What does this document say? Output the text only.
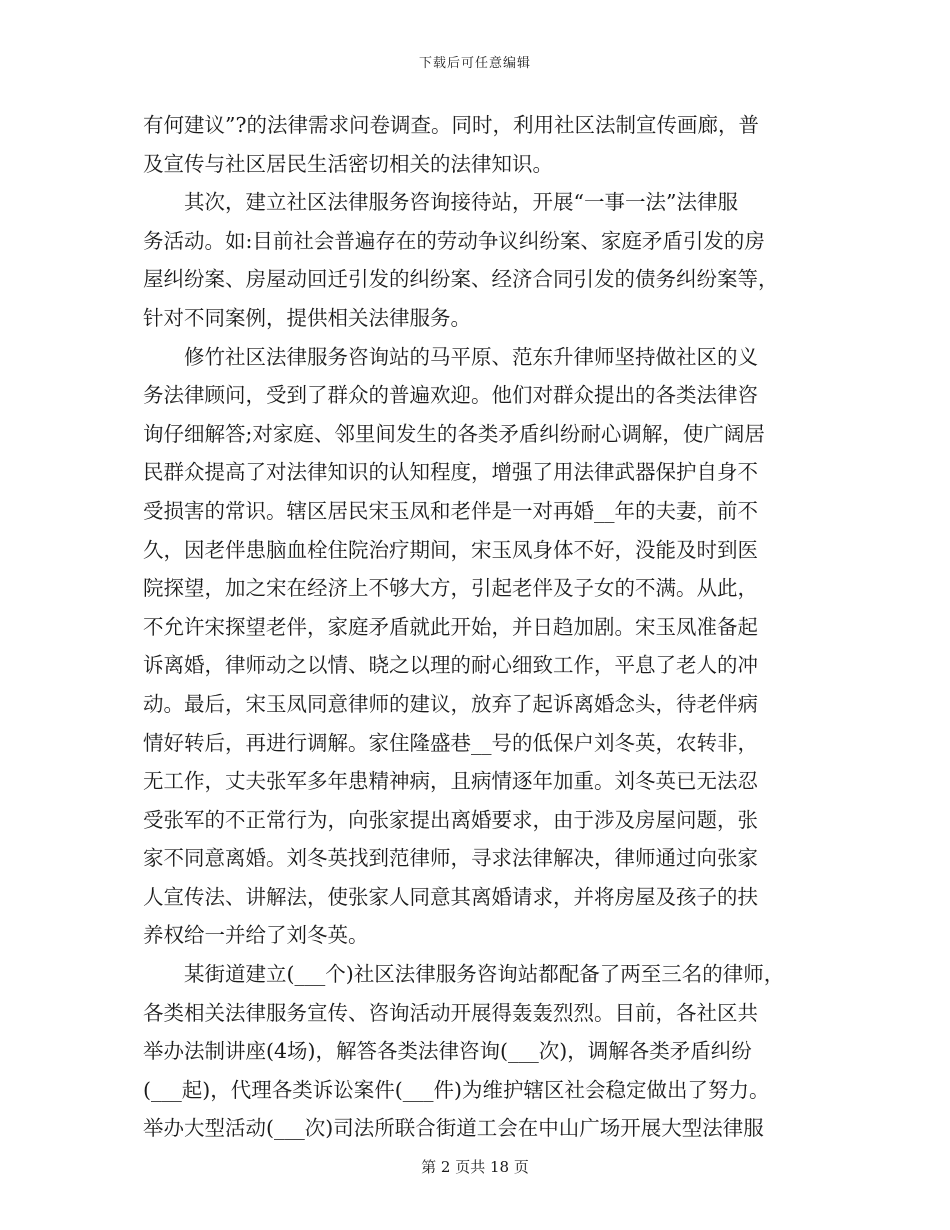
下载后可任意编辑
有何建议”?的法律需求问卷调查。同时，利用社区法制宣传画廊，普
及宣传与社区居民生活密切相关的法律知识。
其次，建立社区法律服务咨询接待站，开展“一事一法”法律服
务活动。如:目前社会普遍存在的劳动争议纠纷案、家庭矛盾引发的房
屋纠纷案、房屋动回迁引发的纠纷案、经济合同引发的债务纠纷案等，
针对不同案例，提供相关法律服务。
修竹社区法律服务咨询站的马平原、范东升律师坚持做社区的义
务法律顾问，受到了群众的普遍欢迎。他们对群众提出的各类法律咨
询仔细解答;对家庭、邻里间发生的各类矛盾纠纷耐心调解，使广阔居
民群众提高了对法律知识的认知程度，增强了用法律武器保护自身不
受损害的常识。辖区居民宋玉凤和老伴是一对再婚__年的夫妻，前不
久，因老伴患脑血栓住院治疗期间，宋玉凤身体不好，没能及时到医
院探望，加之宋在经济上不够大方，引起老伴及子女的不满。从此，
不允许宋探望老伴，家庭矛盾就此开始，并日趋加剧。宋玉凤准备起
诉离婚，律师动之以情、晓之以理的耐心细致工作，平息了老人的冲
动。最后，宋玉凤同意律师的建议，放弃了起诉离婚念头，待老伴病
情好转后，再进行调解。家住隆盛巷__号的低保户刘冬英，农转非，
无工作，丈夫张军多年患精神病，且病情逐年加重。刘冬英已无法忍
受张军的不正常行为，向张家提出离婚要求，由于涉及房屋问题，张
家不同意离婚。刘冬英找到范律师，寻求法律解决，律师通过向张家
人宣传法、讲解法，使张家人同意其离婚请求，并将房屋及孩子的扶
养权给一并给了刘冬英。
某街道建立(___个)社区法律服务咨询站都配备了两至三名的律师，
各类相关法律服务宣传、咨询活动开展得轰轰烈烈。目前，各社区共
举办法制讲座(4场)，解答各类法律咨询(___次)，调解各类矛盾纠纷
(___起)，代理各类诉讼案件(___件)为维护辖区社会稳定做出了努力。
举办大型活动(___次)司法所联合街道工会在中山广场开展大型法律服
第 2 页共 18 页
